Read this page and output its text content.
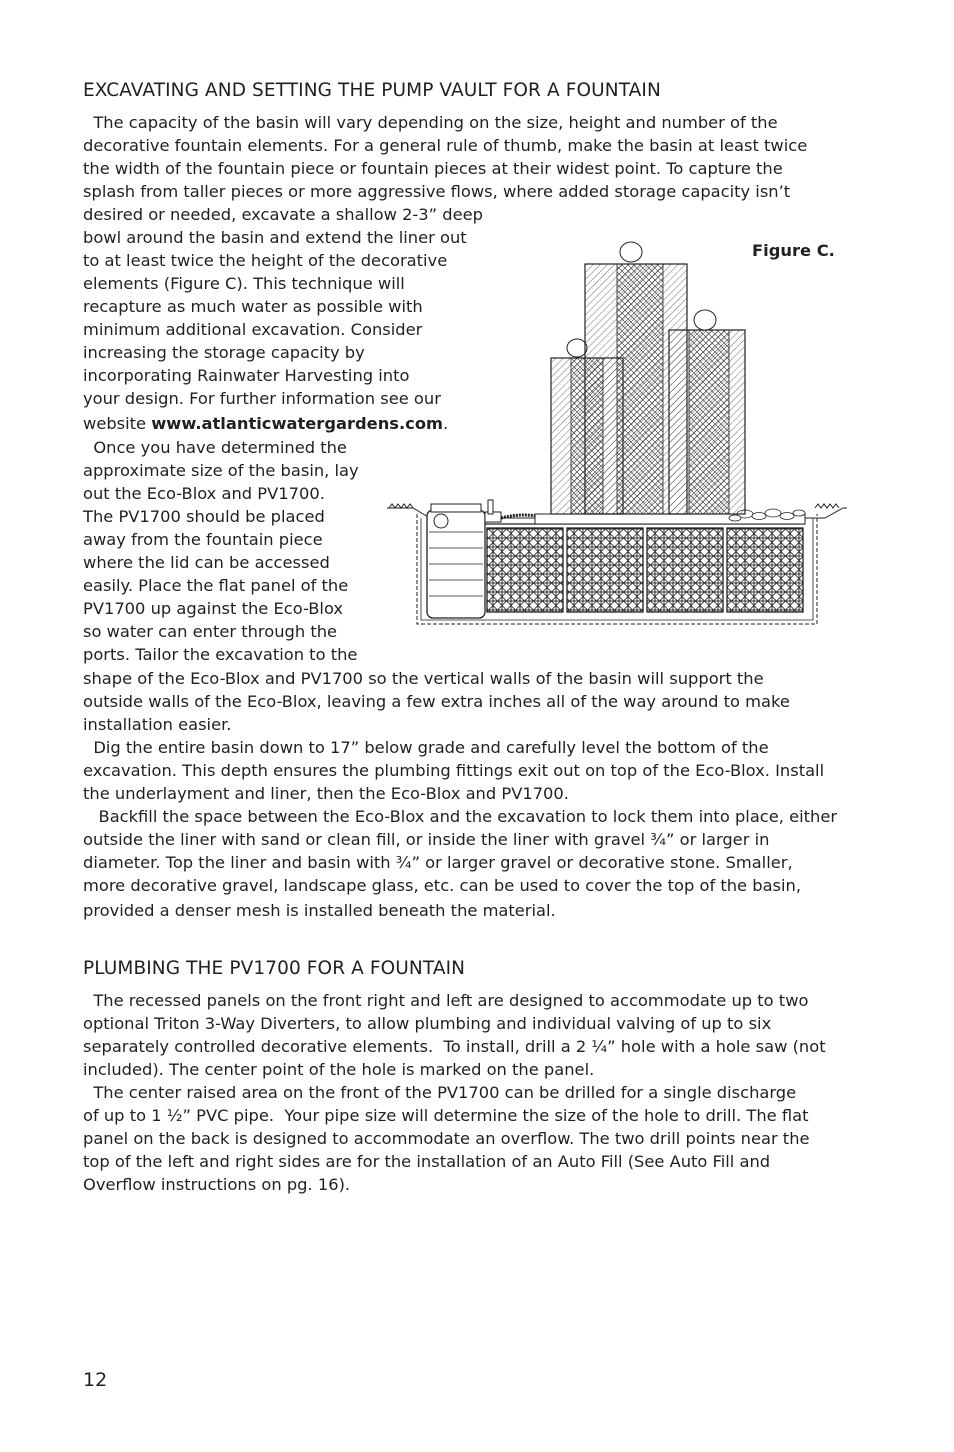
EXCAVATING AND SETTING THE PUMP VAULT FOR A FOUNTAIN
The capacity of the basin will vary depending on the size, height and number of the
decorative fountain elements. For a general rule of thumb, make the basin at least twice
the width of the fountain piece or fountain pieces at their widest point. To capture the
splash from taller pieces or more aggressive flows, where added storage capacity isn’t
desired or needed, excavate a shallow 2-3” deep
bowl around the basin and extend the liner out
to at least twice the height of the decorative
elements (Figure C). This technique will
recapture as much water as possible with
minimum additional excavation. Consider
increasing the storage capacity by
incorporating Rainwater Harvesting into
your design. For further information see our
website www.atlanticwatergardens.com.
Once you have determined the
approximate size of the basin, lay
out the Eco-Blox and PV1700.
The PV1700 should be placed
away from the fountain piece
where the lid can be accessed
easily. Place the flat panel of the
PV1700 up against the Eco-Blox
so water can enter through the
ports. Tailor the excavation to the
shape of the Eco-Blox and PV1700 so the vertical walls of the basin will support the
outside walls of the Eco-Blox, leaving a few extra inches all of the way around to make
installation easier.
Dig the entire basin down to 17” below grade and carefully level the bottom of the
excavation. This depth ensures the plumbing fittings exit out on top of the Eco-Blox. Install
the underlayment and liner, then the Eco-Blox and PV1700.
Backfill the space between the Eco-Blox and the excavation to lock them into place, either
outside the liner with sand or clean fill, or inside the liner with gravel ¾” or larger in
diameter. Top the liner and basin with ¾” or larger gravel or decorative stone. Smaller,
more decorative gravel, landscape glass, etc. can be used to cover the top of the basin,
provided a denser mesh is installed beneath the material.
Figure C.
PLUMBING THE PV1700 FOR A FOUNTAIN
The recessed panels on the front right and left are designed to accommodate up to two
optional Triton 3-Way Diverters, to allow plumbing and individual valving of up to six
separately controlled decorative elements.  To install, drill a 2 ¼” hole with a hole saw (not
included). The center point of the hole is marked on the panel.
The center raised area on the front of the PV1700 can be drilled for a single discharge
of up to 1 ½” PVC pipe.  Your pipe size will determine the size of the hole to drill. The flat
panel on the back is designed to accommodate an overflow. The two drill points near the
top of the left and right sides are for the installation of an Auto Fill (See Auto Fill and
Overflow instructions on pg. 16).
12
